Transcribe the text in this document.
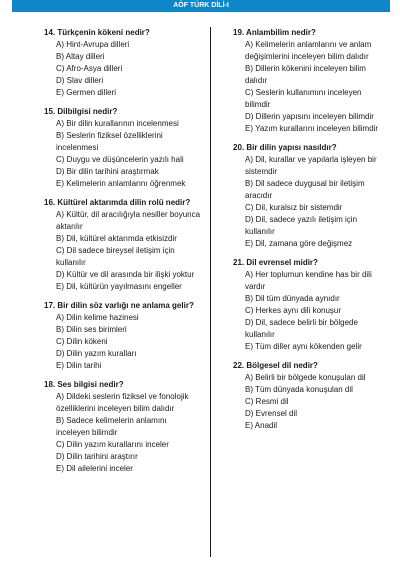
AÖF TÜRK DİLİ-I
14. Türkçenin kökeni nedir?
A) Hint-Avrupa dilleri
B) Altay dilleri
C) Afro-Asya dilleri
D) Slav dilleri
E) Germen dilleri
15. Dilbilgisi nedir?
A) Bir dilin kurallarının incelenmesi
B) Seslerin fiziksel özelliklerini incelenmesi
C) Duygu ve düşüncelerin yazılı hali
D) Bir dilin tarihini araştırmak
E) Kelimelerin anlamlarını öğrenmek
16. Kültürel aktarımda dilin rolü nedir?
A) Kültür, dil aracılığıyla nesiller boyunca aktarılır
B) Dil, kültürel aktarımda etkisizdir
C) Dil sadece bireysel iletişim için kullanılır
D) Kültür ve dil arasında bir ilişki yoktur
E) Dil, kültürün yayılmasını engeller
17. Bir dilin söz varlığı ne anlama gelir?
A) Dilin kelime hazinesi
B) Dilin ses birimleri
C) Dilin kökeni
D) Dilin yazım kuralları
E) Dilin tarihi
18. Ses bilgisi nedir?
A) Dildeki seslerin fiziksel ve fonolojik özelliklerini inceleyen bilim dalıdır
B) Sadece kelimelerin anlamını inceleyen bilimdir
C) Dilin yazım kurallarını inceler
D) Dilin tarihini araştırır
E) Dil ailelerini inceler
19. Anlambilim nedir?
A) Kelimelerin anlamlarını ve anlam değişimlerini inceleyen bilim dalıdır
B) Dillerin kökenini inceleyen bilim dalıdır
C) Seslerin kullanımını inceleyen bilimdir
D) Dillerin yapısını inceleyen bilimdir
E) Yazım kurallarını inceleyen bilimdir
20. Bir dilin yapısı nasıldır?
A) Dil, kurallar ve yapılarla işleyen bir sistemdir
B) Dil sadece duygusal bir iletişim aracıdır
C) Dil, kuralsız bir sistemdir
D) Dil, sadece yazılı iletişim için kullanılır
E) Dil, zamana göre değişmez
21. Dil evrensel midir?
A) Her toplumun kendine has bir dili vardır
B) Dil tüm dünyada aynıdır
C) Herkes aynı dili konuşur
D) Dil, sadece belirli bir bölgede kullanılır
E) Tüm diller aynı kökenden gelir
22. Bölgesel dil nedir?
A) Belirli bir bölgede konuşulan dil
B) Tüm dünyada konuşulan dil
C) Resmi dil
D) Evrensel dil
E) Anadil
